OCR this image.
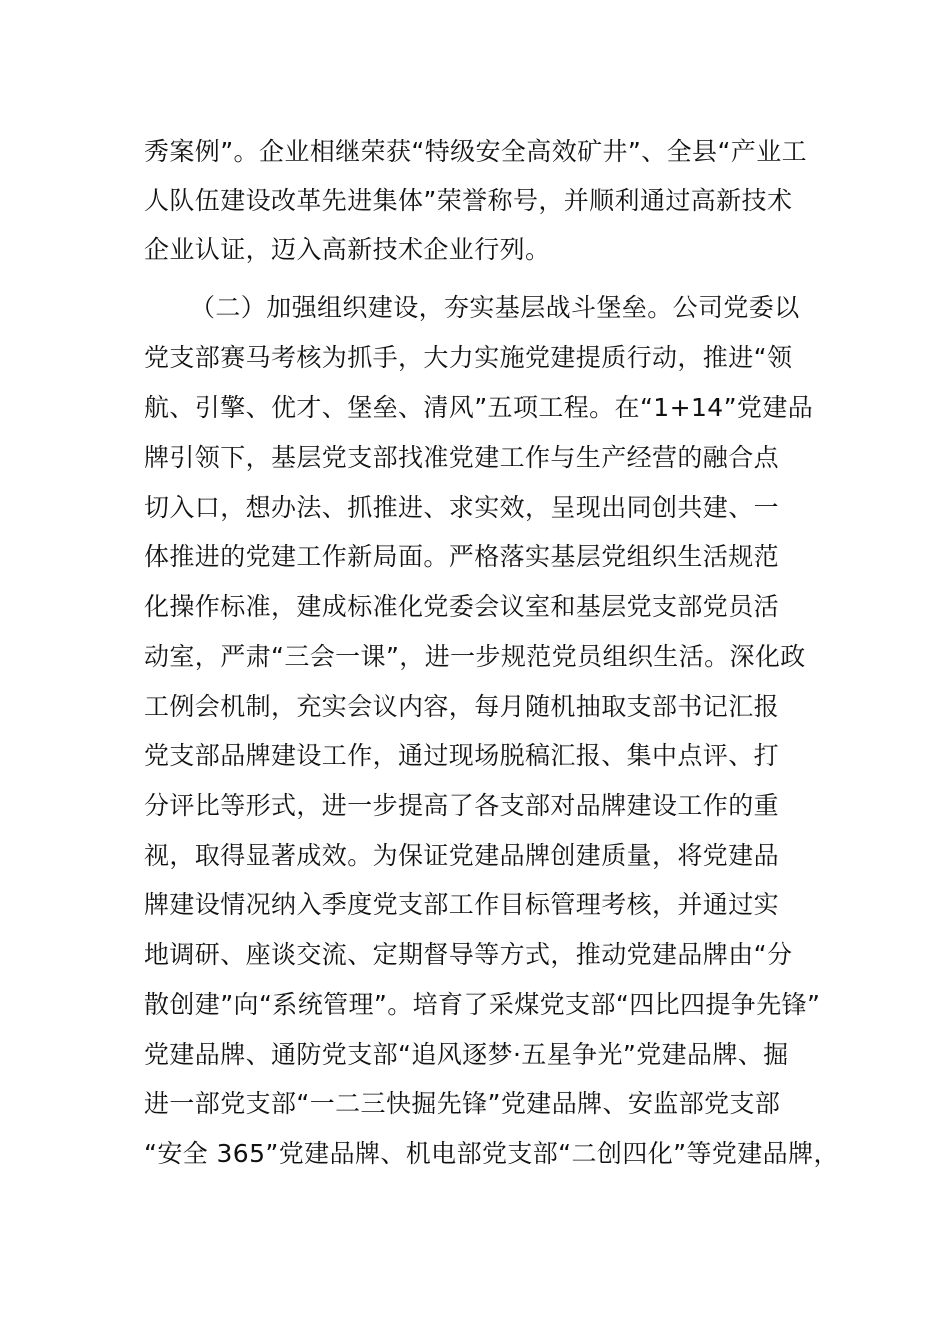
秀案例”。企业相继荣获“特级安全高效矿井”、全县“产业工
人队伍建设改革先进集体”荣誉称号，并顺利通过高新技术
企业认证，迈入高新技术企业行列。
（二）加强组织建设，夯实基层战斗堡垒。公司党委以
党支部赛马考核为抓手，大力实施党建提质行动，推进“领
航、引擎、优才、堡垒、清风”五项工程。在“1+14”党建品
牌引领下，基层党支部找准党建工作与生产经营的融合点
切入口，想办法、抓推进、求实效，呈现出同创共建、一
体推进的党建工作新局面。严格落实基层党组织生活规范
化操作标准，建成标准化党委会议室和基层党支部党员活
动室，严肃“三会一课”，进一步规范党员组织生活。深化政
工例会机制，充实会议内容，每月随机抽取支部书记汇报
党支部品牌建设工作，通过现场脱稿汇报、集中点评、打
分评比等形式，进一步提高了各支部对品牌建设工作的重
视，取得显著成效。为保证党建品牌创建质量，将党建品
牌建设情况纳入季度党支部工作目标管理考核，并通过实
地调研、座谈交流、定期督导等方式，推动党建品牌由“分
散创建”向“系统管理”。培育了采煤党支部“四比四提争先锋”
党建品牌、通防党支部“追风逐梦·五星争光”党建品牌、掘
进一部党支部“一二三快掘先锋”党建品牌、安监部党支部
“安全 365”党建品牌、机电部党支部“二创四化”等党建品牌，
